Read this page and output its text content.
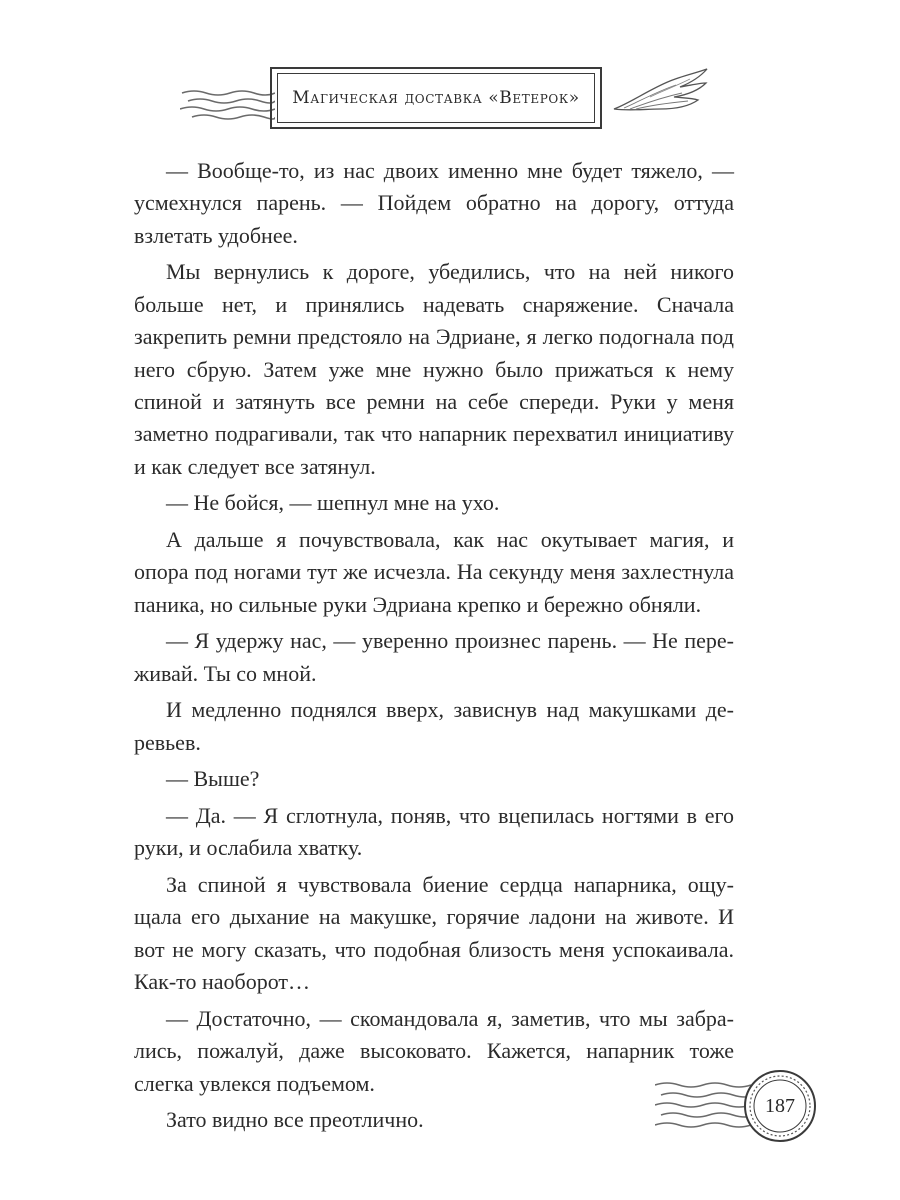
Магическая доставка «Ветерок»

— Вообще-то, из нас двоих именно мне будет тяжело, — усмехнулся парень. — Пойдем обратно на дорогу, оттуда взлетать удобнее.

Мы вернулись к дороге, убедились, что на ней никого больше нет, и принялись надевать снаряжение. Сначала закрепить ремни предстояло на Эдриане, я легко подогнала под него сбрую. Затем уже мне нужно было прижаться к нему спиной и затянуть все ремни на себе спереди. Руки у меня заметно подрагивали, так что напарник перехватил инициативу и как следует все затянул.

— Не бойся, — шепнул мне на ухо.

А дальше я почувствовала, как нас окутывает магия, и опора под ногами тут же исчезла. На секунду меня захлестнула паника, но сильные руки Эдриана крепко и бережно обняли.

— Я удержу нас, — уверенно произнес парень. — Не переживай. Ты со мной.

И медленно поднялся вверх, зависнув над макушками деревьев.

— Выше?

— Да. — Я сглотнула, поняв, что вцепилась ногтями в его руки, и ослабила хватку.

За спиной я чувствовала биение сердца напарника, ощущала его дыхание на макушке, горячие ладони на животе. И вот не могу сказать, что подобная близость меня успокаивала. Как-то наоборот…

— Достаточно, — скомандовала я, заметив, что мы забрались, пожалуй, даже высоковато. Кажется, напарник тоже слегка увлекся подъемом.

Зато видно все преотлично.

187
